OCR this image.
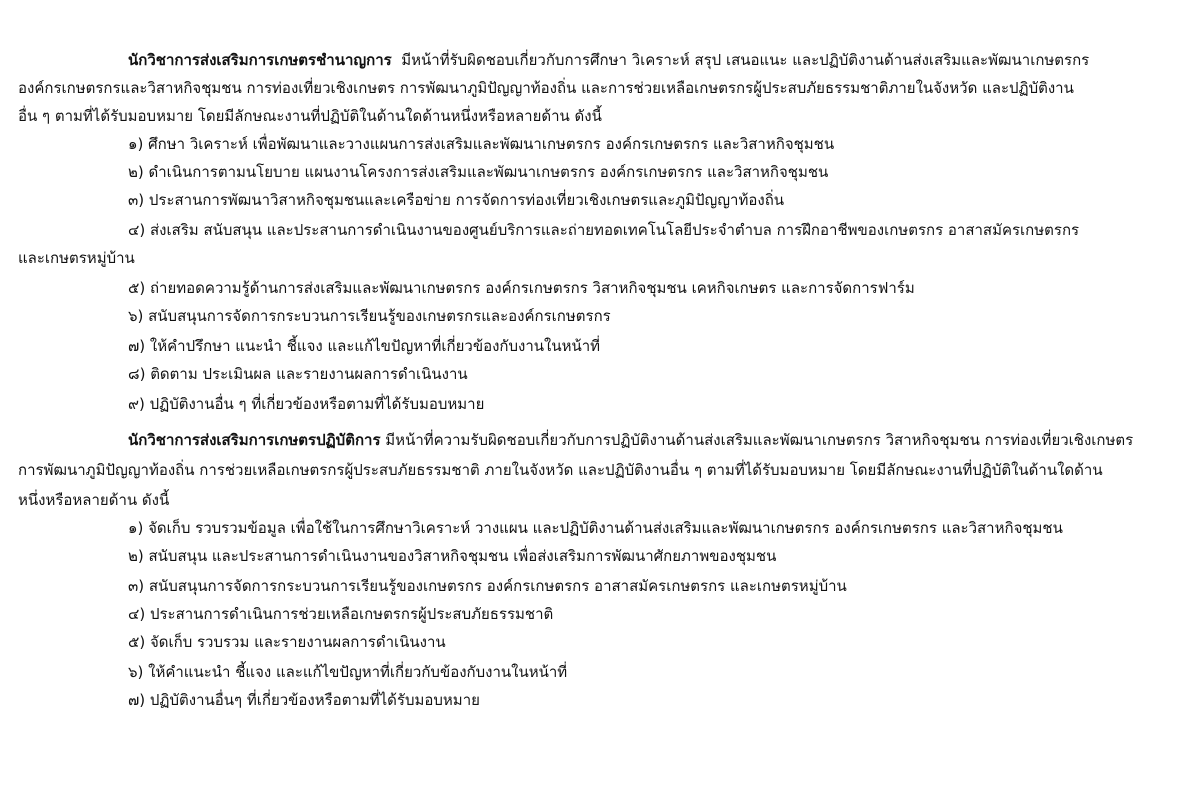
นักวิชาการส่งเสริมการเกษตรชำนาญการ มีหน้าที่รับผิดชอบเกี่ยวกับการศึกษา วิเคราะห์ สรุป เสนอแนะ และปฏิบัติงานด้านส่งเสริมและพัฒนาเกษตรกร
องค์กรเกษตรกรและวิสาหกิจชุมชน การท่องเที่ยวเชิงเกษตร การพัฒนาภูมิปัญญาท้องถิ่น และการช่วยเหลือเกษตรกรผู้ประสบภัยธรรมชาติภายในจังหวัด และปฏิบัติงาน
อื่น ๆ ตามที่ได้รับมอบหมาย โดยมีลักษณะงานที่ปฏิบัติในด้านใดด้านหนึ่งหรือหลายด้าน ดังนี้
๑) ศึกษา วิเคราะห์ เพื่อพัฒนาและวางแผนการส่งเสริมและพัฒนาเกษตรกร องค์กรเกษตรกร และวิสาหกิจชุมชน
๒) ดำเนินการตามนโยบาย แผนงานโครงการส่งเสริมและพัฒนาเกษตรกร องค์กรเกษตรกร และวิสาหกิจชุมชน
๓) ประสานการพัฒนาวิสาหกิจชุมชนและเครือข่าย การจัดการท่องเที่ยวเชิงเกษตรและภูมิปัญญาท้องถิ่น
๔) ส่งเสริม สนับสนุน และประสานการดำเนินงานของศูนย์บริการและถ่ายทอดเทคโนโลยีประจำตำบล การฝึกอาชีพของเกษตรกร อาสาสมัครเกษตรกร
และเกษตรหมู่บ้าน
๕) ถ่ายทอดความรู้ด้านการส่งเสริมและพัฒนาเกษตรกร องค์กรเกษตรกร วิสาหกิจชุมชน เคหกิจเกษตร และการจัดการฟาร์ม
๖) สนับสนุนการจัดการกระบวนการเรียนรู้ของเกษตรกรและองค์กรเกษตรกร
๗) ให้คำปรึกษา แนะนำ ชี้แจง และแก้ไขปัญหาที่เกี่ยวข้องกับงานในหน้าที่
๘) ติดตาม ประเมินผล และรายงานผลการดำเนินงาน
๙) ปฏิบัติงานอื่น ๆ ที่เกี่ยวข้องหรือตามที่ได้รับมอบหมาย
นักวิชาการส่งเสริมการเกษตรปฏิบัติการ มีหน้าที่ความรับผิดชอบเกี่ยวกับการปฏิบัติงานด้านส่งเสริมและพัฒนาเกษตรกร วิสาหกิจชุมชน การท่องเที่ยวเชิงเกษตร
การพัฒนาภูมิปัญญาท้องถิ่น การช่วยเหลือเกษตรกรผู้ประสบภัยธรรมชาติ ภายในจังหวัด และปฏิบัติงานอื่น ๆ ตามที่ได้รับมอบหมาย โดยมีลักษณะงานที่ปฏิบัติในด้านใดด้าน
หนึ่งหรือหลายด้าน ดังนี้
๑) จัดเก็บ รวบรวมข้อมูล เพื่อใช้ในการศึกษาวิเคราะห์ วางแผน และปฏิบัติงานด้านส่งเสริมและพัฒนาเกษตรกร องค์กรเกษตรกร และวิสาหกิจชุมชน
๒) สนับสนุน และประสานการดำเนินงานของวิสาหกิจชุมชน เพื่อส่งเสริมการพัฒนาศักยภาพของชุมชน
๓) สนับสนุนการจัดการกระบวนการเรียนรู้ของเกษตรกร องค์กรเกษตรกร อาสาสมัครเกษตรกร และเกษตรหมู่บ้าน
๔) ประสานการดำเนินการช่วยเหลือเกษตรกรผู้ประสบภัยธรรมชาติ
๕) จัดเก็บ รวบรวม และรายงานผลการดำเนินงาน
๖) ให้คำแนะนำ ชี้แจง และแก้ไขปัญหาที่เกี่ยวกับข้องกับงานในหน้าที่
๗) ปฏิบัติงานอื่นๆ ที่เกี่ยวข้องหรือตามที่ได้รับมอบหมาย
